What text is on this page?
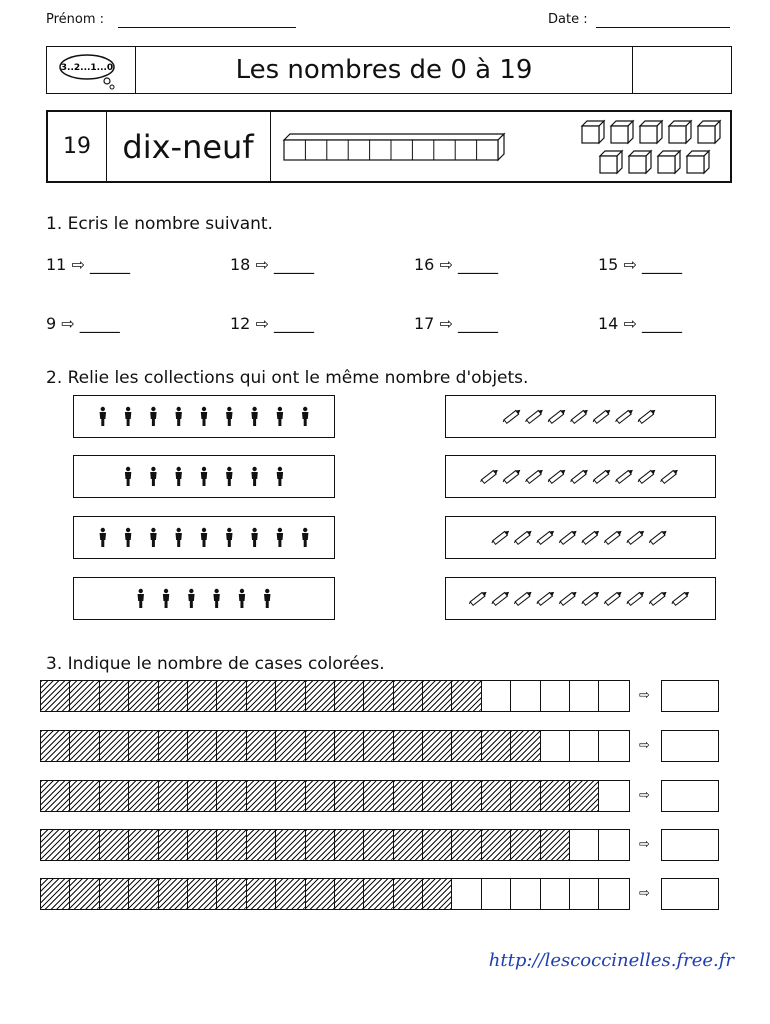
Prénom :	Date :
3..2...1...0	Les nombres de 0 à 19
19 dix-neuf
1. Ecris le nombre suivant.
11 ⇨ _____	18 ⇨ _____	16 ⇨ _____	15 ⇨ _____
9 ⇨ _____	12 ⇨ _____	17 ⇨ _____	14 ⇨ _____
2. Relie les collections qui ont le même nombre d'objets.
3. Indique le nombre de cases colorées.
⇨
⇨
⇨
⇨
⇨
http://lescoccinelles.free.fr
